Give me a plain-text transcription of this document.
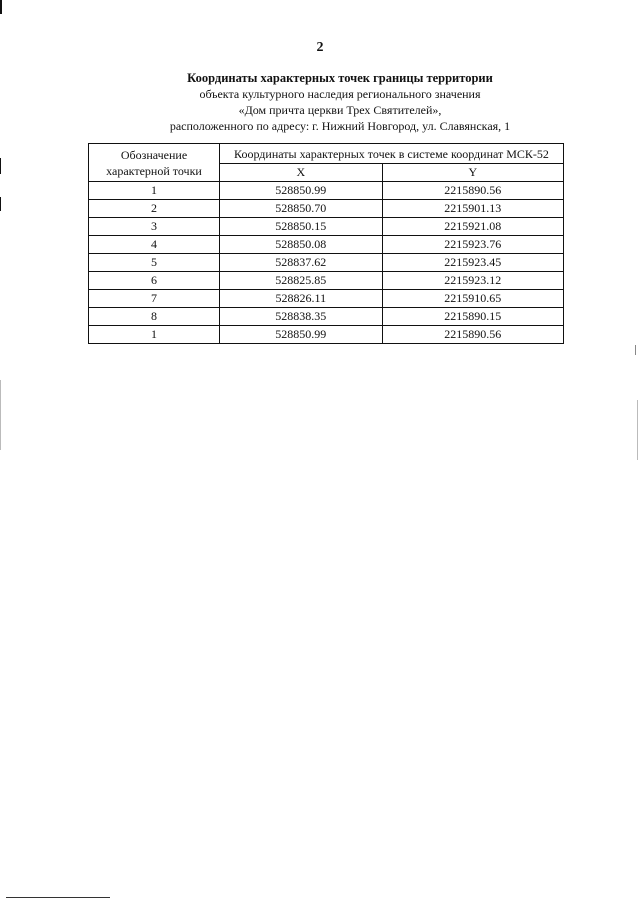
2
Координаты характерных точек границы территории
объекта культурного наследия регионального значения
«Дом причта церкви Трех Святителей»,
расположенного по адресу: г. Нижний Новгород, ул. Славянская, 1
Обозначение характерной точки	Координаты характерных точек в системе координат МСК-52	
	X	Y
1	528850.99	2215890.56
2	528850.70	2215901.13
3	528850.15	2215921.08
4	528850.08	2215923.76
5	528837.62	2215923.45
6	528825.85	2215923.12
7	528826.11	2215910.65
8	528838.35	2215890.15
1	528850.99	2215890.56
